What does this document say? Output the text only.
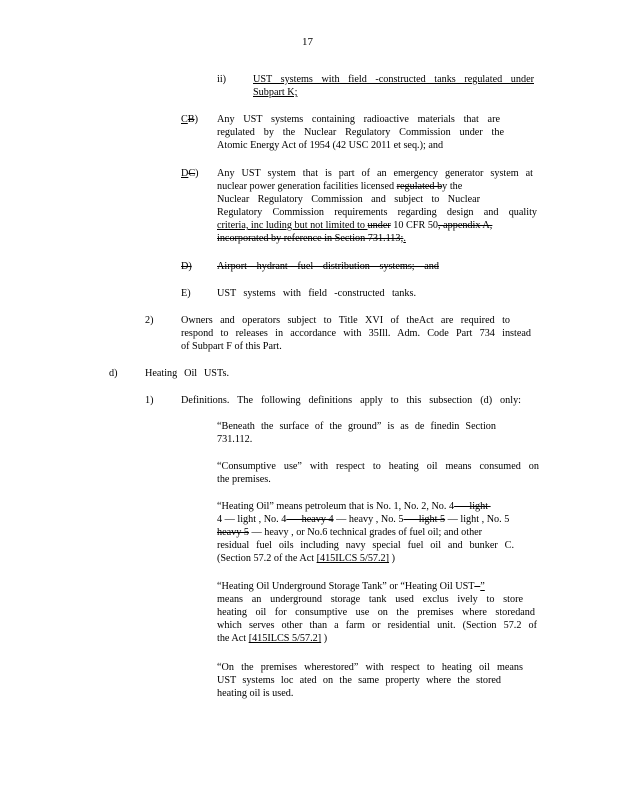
17
ii)	UST systems with field -constructed tanks regulated under
Subpart K;
CB) Any UST systems containing radioactive materials that are
regulated by the Nuclear Regulatory Commission under the
Atomic Energy Act of 1954 (42 USC 2011 et seq.); and
DC) Any UST system that is part of an emergency generator system at
nuclear power generation facilities licensed regulated by the
Nuclear Regulatory Commission and subject to Nuclear
Regulatory Commission requirements regarding design and quality
criteria, inc luding but not limited to under 10 CFR 50, appendix A,
incorporated by reference in Section 731.113;.
D) Airport hydrant fuel distribution systems; and
E)	UST systems with field -constructed tanks.
2)	Owners and operators subject to Title XVI of theAct are required to
respond to releases in accordance with 35Ill. Adm. Code Part 734 instead
of Subpart F of this Part.
d)	Heating Oil USTs.
1)	Definitions. The following definitions apply to this subsection (d) only:
“Beneath the surface of the ground” is as de finedin Section
731.112.
“Consumptive use” with respect to heating oil means consumed on
the premises.
“Heating Oil” means petroleum that is No. 1, No. 2, No. 4 — light
4 — light , No. 4 — heavy 4 — heavy , No. 5 — light 5 — light , No. 5
heavy 5 — heavy , or No.6 technical grades of fuel oil; and other
residual fuel oils including navy special fuel oil and bunker C.
(Section 57.2 of the Act [415ILCS 5/57.2] )
“Heating Oil Underground Storage Tank” or “Heating Oil UST -”
means an underground storage tank used exclus ively to store
heating oil for consumptive use on the premises where storedand
which serves other than a farm or residential unit. (Section 57.2 of
the Act [415ILCS 5/57.2] )
“On the premises wherestored” with respect to heating oil means
UST systems loc ated on the same property where the stored
heating oil is used.
